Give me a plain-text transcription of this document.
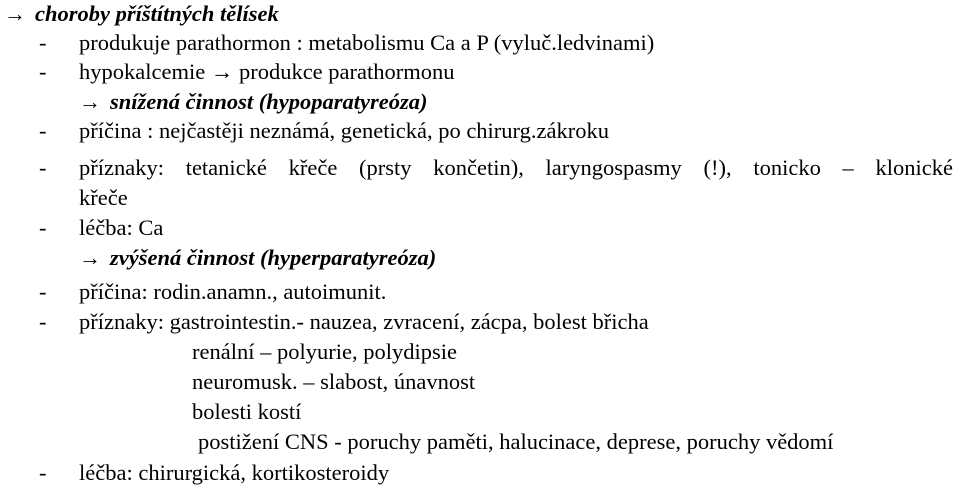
→ choroby příštítných tělísek
- produkuje parathormon : metabolismu Ca a P (vyluč.ledvinami)
- hypokalcemie → produkce parathormonu
→ snížená činnost (hypoparatyreóza)
- příčina : nejčastěji neznámá, genetická, po chirurg.zákroku
- příznaky: tetanické křeče (prsty končetin), laryngospasmy (!), tonicko – klonické
křeče
- léčba: Ca
→ zvýšená činnost (hyperparatyreóza)
- příčina: rodin.anamn., autoimunit.
- příznaky: gastrointestin.- nauzea, zvracení, zácpa, bolest břicha
renální – polyurie, polydipsie
neuromusk. – slabost, únavnost
bolesti kostí
postižení CNS - poruchy paměti, halucinace, deprese, poruchy vědomí
- léčba: chirurgická, kortikosteroidy
